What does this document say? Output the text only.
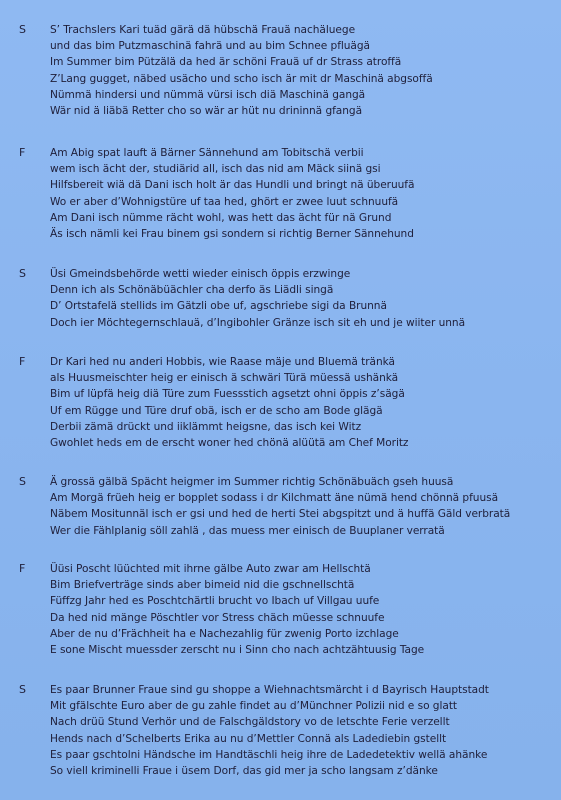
S S’ Trachslers Kari tuäd gärä dä hübschä Frauä nachäluege
und das bim Putzmaschinä fahrä und au bim Schnee pfluägä
Im Summer bim Pützälä da hed är schöni Frauä uf dr Strass atroffä
Z’Lang gugget, näbed usächo und scho isch är mit dr Maschinä abgsoffä
Nümmä hindersi und nümmä vürsi isch diä Maschinä gangä
Wär nid ä liäbä Retter cho so wär ar hüt nu drininnä gfangä
F Am Abig spat lauft ä Bärner Sännehund am Tobitschä verbii
wem isch ächt der, studiärid all, isch das nid am Mäck siinä gsi
Hilfsbereit wiä dä Dani isch holt är das Hundli und bringt nä überuufä
Wo er aber d’Wohnigstüre uf taa hed, ghört er zwee luut schnuufä
Am Dani isch nümme rächt wohl, was hett das ächt für nä Grund
Äs isch nämli kei Frau binem gsi sondern si richtig Berner Sännehund
S Üsi Gmeindsbehörde wetti wieder einisch öppis erzwinge
Denn ich als Schönäbüächler cha derfo äs Liädli singä
D’ Ortstafelä stellids im Gätzli obe uf, agschriebe sigi da Brunnä
Doch ier Möchtegernschlauä, d’Ingibohler Gränze isch sit eh und je wiiter unnä
F Dr Kari hed nu anderi Hobbis, wie Raase mäje und Bluemä tränkä
als Huusmeischter heig er einisch ä schwäri Türä müessä ushänkä
Bim uf lüpfä heig diä Türe zum Fuessstich agsetzt ohni öppis z’sägä
Uf em Rügge und Türe druf obä, isch er de scho am Bode glägä
Derbii zämä drückt und iiklämmt heigsne, das isch kei Witz
Gwohlet heds em de erscht woner hed chönä alüütä am Chef Moritz
S Ä grossä gälbä Spächt heigmer im Summer richtig Schönäbuäch gseh huusä
Am Morgä früeh heig er bopplet sodass i dr Kilchmatt äne nümä hend chönnä pfuusä
Näbem Mositunnäl isch er gsi und hed de herti Stei abgspitzt und ä huffä Gäld verbratä
Wer die Fählplanig söll zahlä , das muess mer einisch de Buuplaner verratä
F Üüsi Poscht lüüchted mit ihrne gälbe Auto zwar am Hellschtä
Bim Briefverträge sinds aber bimeid nid die gschnellschtä
Füffzg Jahr hed es Poschtchärtli brucht vo Ibach uf Villgau uufe
Da hed nid mänge Pöschtler vor Stress chäch müesse schnuufe
Aber de nu d’Frächheit ha e Nachezahlig für zwenig Porto izchlage
E sone Mischt muessder zerscht nu i Sinn cho nach achtzähtuusig Tage
S Es paar Brunner Fraue sind gu shoppe a Wiehnachtsmärcht i d Bayrisch Hauptstadt
Mit gfälschte Euro aber de gu zahle findet au d’Münchner Polizii nid e so glatt
Nach drüü Stund Verhör und de Falschgäldstory vo de letschte Ferie verzellt
Hends nach d’Schelberts Erika au nu d’Mettler Connä als Ladediebin gstellt
Es paar gschtolni Händsche im Handtäschli heig ihre de Ladedetektiv wellä ahänke
So viell kriminelli Fraue i üsem Dorf, das gid mer ja scho langsam z’dänke
